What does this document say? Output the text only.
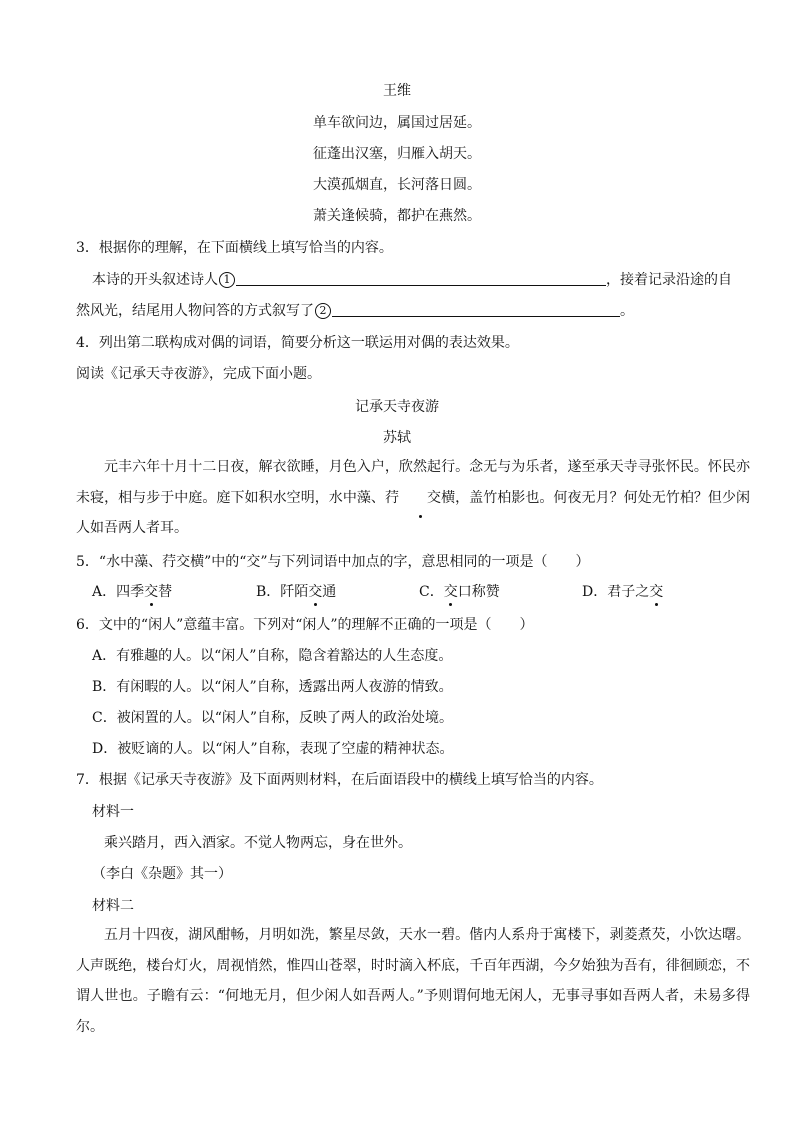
王维
单车欲问边，属国过居延。
征蓬出汉塞，归雁入胡天。
大漠孤烟直，长河落日圆。
萧关逢候骑，都护在燕然。
3．根据你的理解，在下面横线上填写恰当的内容。
本诗的开头叙述诗人 1	，接着记录沿途的自
然风光，结尾用人物问答的方式叙写了 2	。
4．列出第二联构成对偶的词语，简要分析这一联运用对偶的表达效果。
阅读《记承天寺夜游》，完成下面小题。
记承天寺夜游
苏轼
元丰六年十月十二日夜，解衣欲睡，月色入户，欣然起行。念无与为乐者，遂至承天寺寻张怀民。怀民亦未寝，相与步于中庭。庭下如积水空明，水中藻、荇 交横，盖竹柏影也。何夜无月？何处无竹柏？但少闲人如吾两人者耳。
5．“水中藻、荇交横”中的“交”与下列词语中加点的字，意思相同的一项是（　　）
A．四季交替	B．阡陌交通	C．交口称赞	D．君子之交
6．文中的“闲人”意蕴丰富。下列对“闲人”的理解不正确的一项是（　　）
A．有雅趣的人。以“闲人”自称，隐含着豁达的人生态度。
B．有闲暇的人。以“闲人”自称，透露出两人夜游的情致。
C．被闲置的人。以“闲人”自称，反映了两人的政治处境。
D．被贬谪的人。以“闲人”自称，表现了空虚的精神状态。
7．根据《记承天寺夜游》及下面两则材料，在后面语段中的横线上填写恰当的内容。
材料一
乘兴踏月，西入酒家。不觉人物两忘，身在世外。
（李白《杂题》其一）
材料二
五月十四夜，湖风酣畅，月明如洗，繁星尽敛，天水一碧。偕内人系舟于寓楼下，剥菱煮芡，小饮达曙。人声既绝，楼台灯火，周视悄然，惟四山苍翠，时时滴入杯底，千百年西湖，今夕始独为吾有，徘徊顾恋，不谓人世也。子瞻有云：“何地无月，但少闲人如吾两人。”予则谓何地无闲人，无事寻事如吾两人者，未易多得尔。
